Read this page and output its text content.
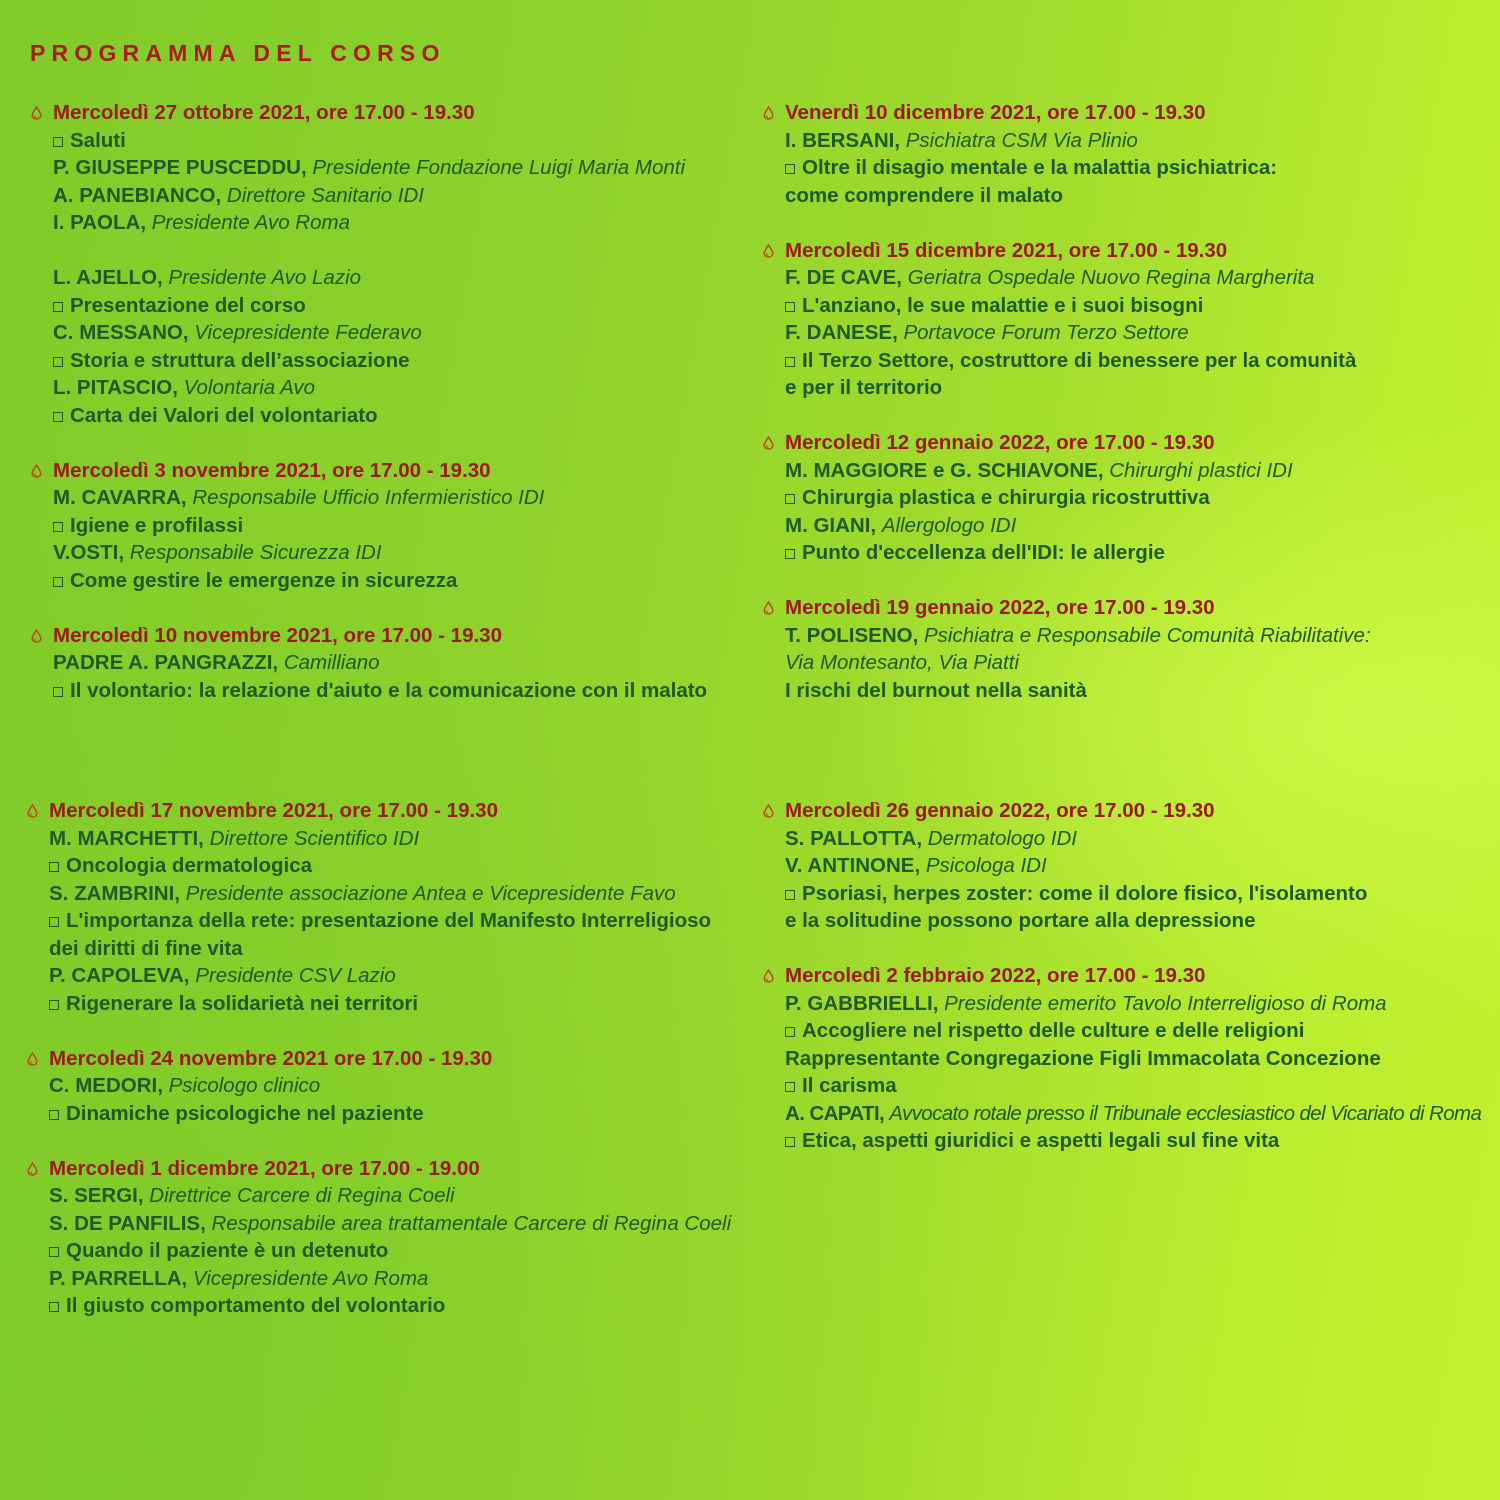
PROGRAMMA DEL CORSO
Mercoledì 27 ottobre 2021, ore 17.00 - 19.30
Saluti
P. GIUSEPPE PUSCEDDU, Presidente Fondazione Luigi Maria Monti
A. PANEBIANCO, Direttore Sanitario IDI
I. PAOLA, Presidente Avo Roma
L. AJELLO, Presidente Avo Lazio
Presentazione del corso
C. MESSANO, Vicepresidente Federavo
Storia e struttura dell’associazione
L. PITASCIO, Volontaria Avo
Carta dei Valori del volontariato
Mercoledì 3 novembre 2021, ore 17.00 - 19.30
M. CAVARRA, Responsabile Ufficio Infermieristico IDI
Igiene e profilassi
V.OSTI, Responsabile Sicurezza IDI
Come gestire le emergenze in sicurezza
Mercoledì 10 novembre 2021, ore 17.00 - 19.30
PADRE A. PANGRAZZI, Camilliano
Il volontario: la relazione d'aiuto e la comunicazione con il malato
Venerdì 10 dicembre 2021, ore 17.00 - 19.30
I. BERSANI, Psichiatra CSM Via Plinio
Oltre il disagio mentale e la malattia psichiatrica:
come comprendere il malato
Mercoledì 15 dicembre 2021, ore 17.00 - 19.30
F. DE CAVE, Geriatra Ospedale Nuovo Regina Margherita
L'anziano, le sue malattie e i suoi bisogni
F. DANESE, Portavoce Forum Terzo Settore
Il Terzo Settore, costruttore di benessere per la comunità
e per il territorio
Mercoledì 12 gennaio 2022, ore 17.00 - 19.30
M. MAGGIORE e G. SCHIAVONE, Chirurghi plastici IDI
Chirurgia plastica e chirurgia ricostruttiva
M. GIANI, Allergologo IDI
Punto d'eccellenza dell'IDI: le allergie
Mercoledì 19 gennaio 2022, ore 17.00 - 19.30
T. POLISENO, Psichiatra e Responsabile Comunità Riabilitative:
Via Montesanto, Via Piatti
I rischi del burnout nella sanità
Mercoledì 17 novembre 2021, ore 17.00 - 19.30
M. MARCHETTI, Direttore Scientifico IDI
Oncologia dermatologica
S. ZAMBRINI, Presidente associazione Antea e Vicepresidente Favo
L'importanza della rete: presentazione del Manifesto Interreligioso
dei diritti di fine vita
P. CAPOLEVA, Presidente CSV Lazio
Rigenerare la solidarietà nei territori
Mercoledì 24 novembre 2021 ore 17.00 - 19.30
C. MEDORI, Psicologo clinico
Dinamiche psicologiche nel paziente
Mercoledì 1 dicembre 2021, ore 17.00 - 19.00
S. SERGI, Direttrice Carcere di Regina Coeli
S. DE PANFILIS, Responsabile area trattamentale Carcere di Regina Coeli
Quando il paziente è un detenuto
P. PARRELLA, Vicepresidente Avo Roma
Il giusto comportamento del volontario
Mercoledì 26 gennaio 2022, ore 17.00 - 19.30
S. PALLOTTA, Dermatologo IDI
V. ANTINONE, Psicologa IDI
Psoriasi, herpes zoster: come il dolore fisico, l'isolamento
e la solitudine possono portare alla depressione
Mercoledì 2 febbraio 2022, ore 17.00 - 19.30
P. GABBRIELLI, Presidente emerito Tavolo Interreligioso di Roma
Accogliere nel rispetto delle culture e delle religioni
Rappresentante Congregazione Figli Immacolata Concezione
Il carisma
A. CAPATI, Avvocato rotale presso il Tribunale ecclesiastico del Vicariato di Roma
Etica, aspetti giuridici e aspetti legali sul fine vita
